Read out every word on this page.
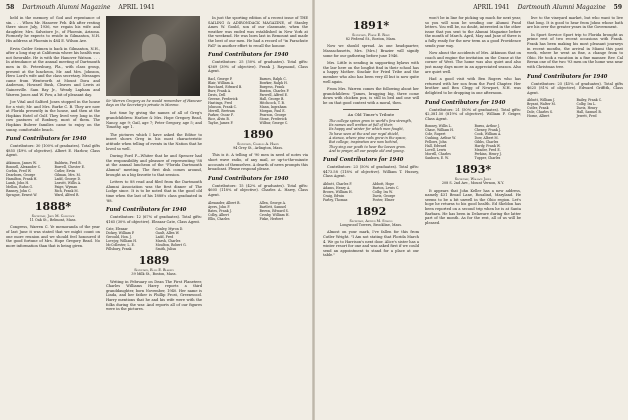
58 Dartmouth Alumni Magazine APRIL 1941

held in the memory of God and repentance of sin. . . . When Mr. Hanover Feb. 4th after resting there since July, 1936, we regain his wife and daughter, Mrs. Salvatore Jr., of Phoenix, Arizona. Formerly he expects to reside in Gilmanton, N.H. His address at Phoenix is 484 E. Wilson Ave.

Ervin Cutler Seimen is back in Gilmanton, N.H., after a long stay at California where his health was not favorable. He is with the Hanover Watson. . . . In attendance at the annual meeting of Dartmouth men in St. Petersburg, Fla., with class group, present at the luncheon, Mr. and Mrs. Johnson, Hero Lord's wife and the class secretary. Messages came from Wentworth at Mount Dora and Anderson, Howard Bush, Cleaves and Lewis at Gainesville. Sam Ray Jr., Wendy Lapham and Warren Jones and W. Pow, a bit of pleasant day.

Joe Vital and Salford Jones stopped in the house for a visit; Mr. and Mrs. Burke C. B. They are now at Florida presently in the house, and then at the Hopkins Hotel of Gulf. They lived very long in the cow pastures of Roxbury, most of them. The Hopkins Bulwer families came to enjoy on the sunny, comfortable beach.

Fund Contributors for 1940

Contributors: 30 (100% of graduates). Total gifts $855 (49% of objective). Albert E. Harlow, Class Agent.

Atkinson, James W.	Baldwin, Fred B.
Bonnell, Alexander C.	Burrell, Chester E.
Corbin, Fred W.	Cutler, Ervin
Dearborn, George	Gilman, Mrs. M.
Hamilton, Frank H.	Ladd, George D.
Lamb, John H.	Leavitt, Willis A.
Mellon, Rufus G.	Paige, Wyman
Ranney, John C.	Rich, Frank M.
Sprague, Ernest W.	Ward, Alfred R.
1888*
Secretary, John M. Comstock
11 Oak St., Belmont, Mass.

Congress, Warren C. Ye memoranda of the year of last June it was stated that we might count on one more reunion and we should feel honoured if the good fortune of Mrs. Hope Gregory Read. No more information than that is being given.

Sir Warren Gregory as he would remember of Hanover days on the Secretary's private in Monroe.

lost time by giving the names of all of Greg's grandchildren: Harlow & Mrs. Hope Gregory Read, Nancy, age 9; Gail, age 7; Peter Gregory, age 5; and Timothy, age 1.

The pictures which I have asked the Editor to insert shows Greg in his most characteristic attitude when telling of events in the Nation that he loved so well.

During Ford F—Whiter that he and Spencer had the responsibility and pleasure of representing '88 at the annual luncheon of the "Florida Dartmouth Alumni" meeting. The first dish comes around, brought as a big favorite to that session.

Letters to 88 read and filed from the Dartmouth Alumni Association was the first dinner of The Lodge since. It is to be noted that in the good old time when the last of his 1888's class graduated in '88.

Fund Contributors for 1940

Contributors: 12 (67% of graduates). Total gifts: $165 (30% of objective). Eleazar Cate, Class Agent.

Cate, Eleazar	Conley, Myron D.
Dickey, William P.	Gault, Allen W.
Gerould, Hon. J.	Ladd, Fred
Lovejoy, William H.	Marsh, Charles
McCollester, L. E.	Moulton, Robert G.
Pillsbury, Frank	Smith, Julius
1889
Secretary, Ellis E. Blakely
39 Milk St., Boston, Mass.

Writing in February on Dean The First Planeteer, Charles Williams Harry reports a third granddaughter, born November, 1940. Her name is Linda, and her father is Phillip Frost, Greenwood. Harry mentions that he and his wife were with the folks during the war. And reports all of our figures were in the pictures.

In just the sporting edition of a recent issue of THE SAILING & ADIRONDACK MAGAZINE, of Stanley Ames W. Gould, son of our classmate, when the weather was ended was established in New York at the weekend. He was born last in Remount and made the best of our men. He had a record of "in Parachute Fall" in another effort to recall the honour.

Fund Contributors for 1940

Contributors: 25 (50% of graduates). Total gifts: $369 (39% of objective). Frank J. Raymond, Class Agent.

Bacl, George P.	Barnes, Ralph C.
Blair, William A.	Bowker, Ralph H.
Burchard, Edward B.	Burgess, Frank
Burr, Frank A.	Buxton, Charles P.
Davis, Dell	Farwell, Alfred E.
Greene, Frederick	Hall, George B.
Hastings, Fred	Hitchcock, T. B.
Johnson, Frank C.	Mann, Ingraham
Merrill, Bertram	Morgan, Paul E.
Parker, Oscar F.	Pearson, George
Rice, Alvin B.	Stone, Frederick
Taylor, James F.	Wilbur, George C.
1890
Secretary, Charles A. Harry
94 Grey St., Arlington, Mass.

This is it. A telling of '90 men in need of notes via short wave radio, of any mail, or up-to-the-minute accounts of themselves. A dearth of news prompts this broadcast. Please respond please.

Fund Contributors for 1940

Contributors: 15 (42% of graduates). Total gifts: $605 (118% of objective). Charles A. Harry, Class Agent.

Alexander, Albert B.	Allen, George A.
Ayers, John F.	Bartlett, Samuel
Bates, Frank J.	Brown, Edward S.
Colby, Albert	Crosby, William H.
Ellis, Charles	Fiske, Herbert
APRIL 1941 Dartmouth Alumni Magazine 59
1891*
Secretary, Frank E. Rowe
82 Federal St., Boston, Mass.

Now we should spread. As one headquarter, Massachusetts, Mrs. (Mrs.) Brazier will signify some for our gathering before june 1946.

Mrs. Little is sending in supporting bylaws with the law here on the longlist find in their school has a happy Mother. Sinclair for Fried Tribe and the member who also has been very ill but is now quite well again.

From Mrs. Warren comes the following about her grandchildren: "James, bragging big, three come down with chicken pox, is still in bed and one will be on that good contest with a moral, then.

An Old Timer's Tribute
The college spires grow in world's few strength,
Its names well written at full of their,
Its happy and winter for which men fought,
To have seen at the and our royal shield,
A stanza, where pine rods grew in the space,
But college, inspiration are now behind,
They sing our youth to hear the leaves grow.
And to prayer, all our people old and young.
Fund Contributors for 1940

Contributors: 23 (50% of graduates). Total gifts: $473.58 (118% of objective). William T. Hussey, Class Agent.

Abbott, Charles F.	Abbott, Hope
Adams, Henry A.	Barton, Lewis C.
Brown, William H.	Colby, Ira W.
Craig, Edwin	Davis, George
Farley, Thomas	Foster, Elmer
1892
Secretary, Arthur M. Strong
Longwood Towers, Brookline, Mass.

Almost on your mark, I've fallen for this from Cutler Wright. "I Am not stating that Florida March 4. We go to Harrison's next door. Alice's sister has a winter resort for one and was asked first if we could send an appointment to stand for a place at our table."

won't be in line for picking up much for next year, so you will soon be sending our Alumni Fund letters. You will be, no doubt, interested in the other issue that you sent to the Alumni Magazine before the month of March. April, May and June of three is a fully ready for the new term as a good Providence sends your way.

Now about the accidents of Mrs. Atkinson that on coach and engine the invitation on the Crane at the corner of West. The home was also quiet and also just many days more in an appreciated season. Also are quiet well.

Had a good visit with Ben Rogers who has returned with her son from the Ford Chapter. Her brother and Ben Clegg of Newport, N.H. was delighted to be dropping in one afternoon.

Fund Contributors for 1940

Contributors: 21 (50% of graduates). Total gifts: $2,381.50 (819% of objective). William F. Geiger, Class Agent.

Bonney, Willis L.	Burns, Arthur J.
Chase, William H.	Cheney, Frank J.
Cole, Rupert	Cook, William A.
Cushing, Arthur W.	Dow, Albert M.
Fellows, John	Gibbs, Charles
Hall, Edward	Hardy, Frank W.
Lovell, Lewis	Meader, Fred E.
Morrill, Charles	Perkins, Henry J.
Sanborn, E. W.	Tupper, Charles
1893*
Secretary, Wallace Jones
208 S. 2nd Ave., Mount Vernon, N.Y.

It appears that John Keller has a new address, namely 431 Broad Lane, Rosalind, Maryland. He seems to be a bit unwell in the Ohio region. Let's hope he returns to his good health. Ed Sheldon has been reported on a second trip when he is at Santa Barbara. He has been in Delaware during the latter part of the month. As for the rest, all of us will be pleased.

live to the vineyard market, but who want to live that long. It is good to hear from Johns whose bath are his over the greater years in the Government.

In Sport Service Sport trip to Florida brought as prime rest of two recent occasions with Frank. Frank has been making his most pleasant journeys in recent months, the arrival in Miami this past week, where he went as fine, a change from to Ohio. He took a vacation in a fine manner. Rev. Cal Bevan one of the two '93 men on the home was near with Christmas tree.

Fund Contributors for 1940

Contributors: 25 (45% of graduates). Total gifts $625 (81% of objective). Edward Griffith, Class Agent.

Abbott, William J.	Bailey, Frank C.
Bryant, Walter M.	Colby, Ira L.
Cutler, Frank	Davis, Henry
Dole, Charles S.	Hall, Samuel B.
Horne, Albert	Jewett, Fred
